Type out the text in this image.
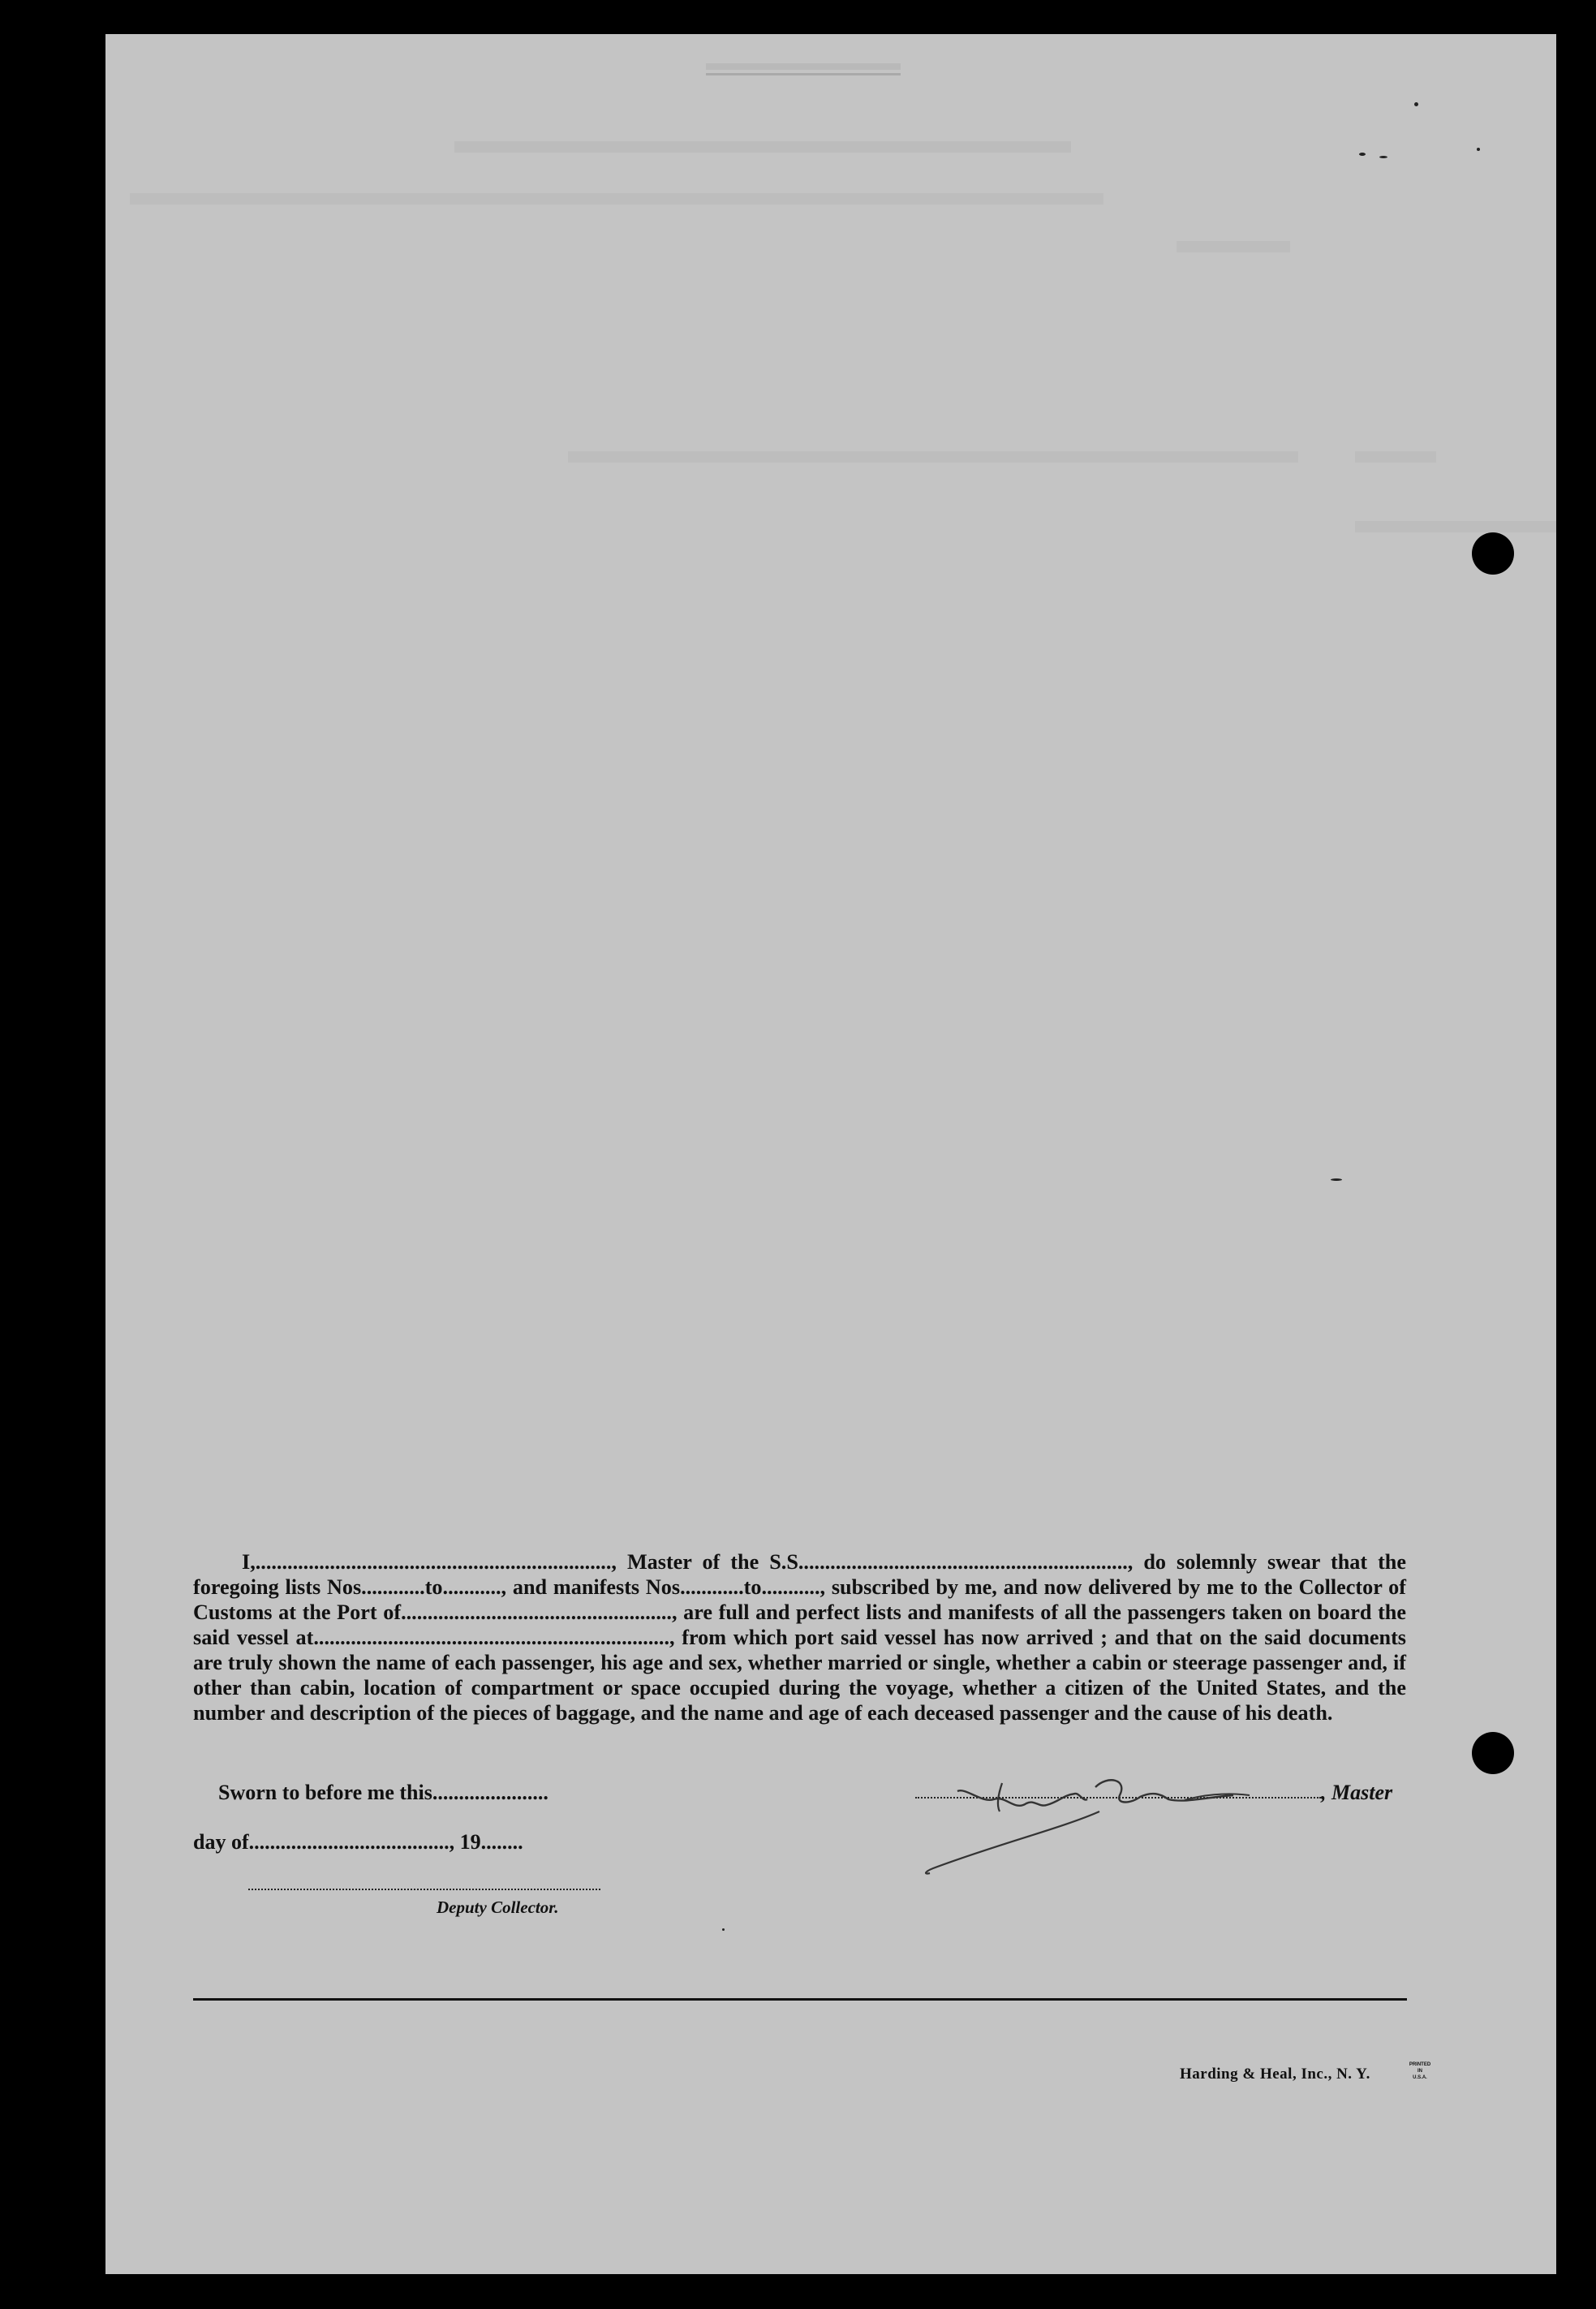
I,..................................................................., Master of the S.S.............................................................., do solemnly swear that the foregoing lists Nos............to..........., and manifests Nos............to..........., subscribed by me, and now delivered by me to the Collector of Customs at the Port of..................................................., are full and perfect lists and manifests of all the passengers taken on board the said vessel at..................................................................., from which port said vessel has now arrived ; and that on the said documents are truly shown the name of each passenger, his age and sex, whether married or single, whether a cabin or steerage passenger and, if other than cabin, location of compartment or space occupied during the voyage, whether a citizen of the United States, and the number and description of the pieces of baggage, and the name and age of each deceased passenger and the cause of his death.

Sworn to before me this......................
day of......................................, 19........
Deputy Collector.
, Master
Harding & Heal, Inc., N. Y.
PRINTED
IN
U.S.A.
